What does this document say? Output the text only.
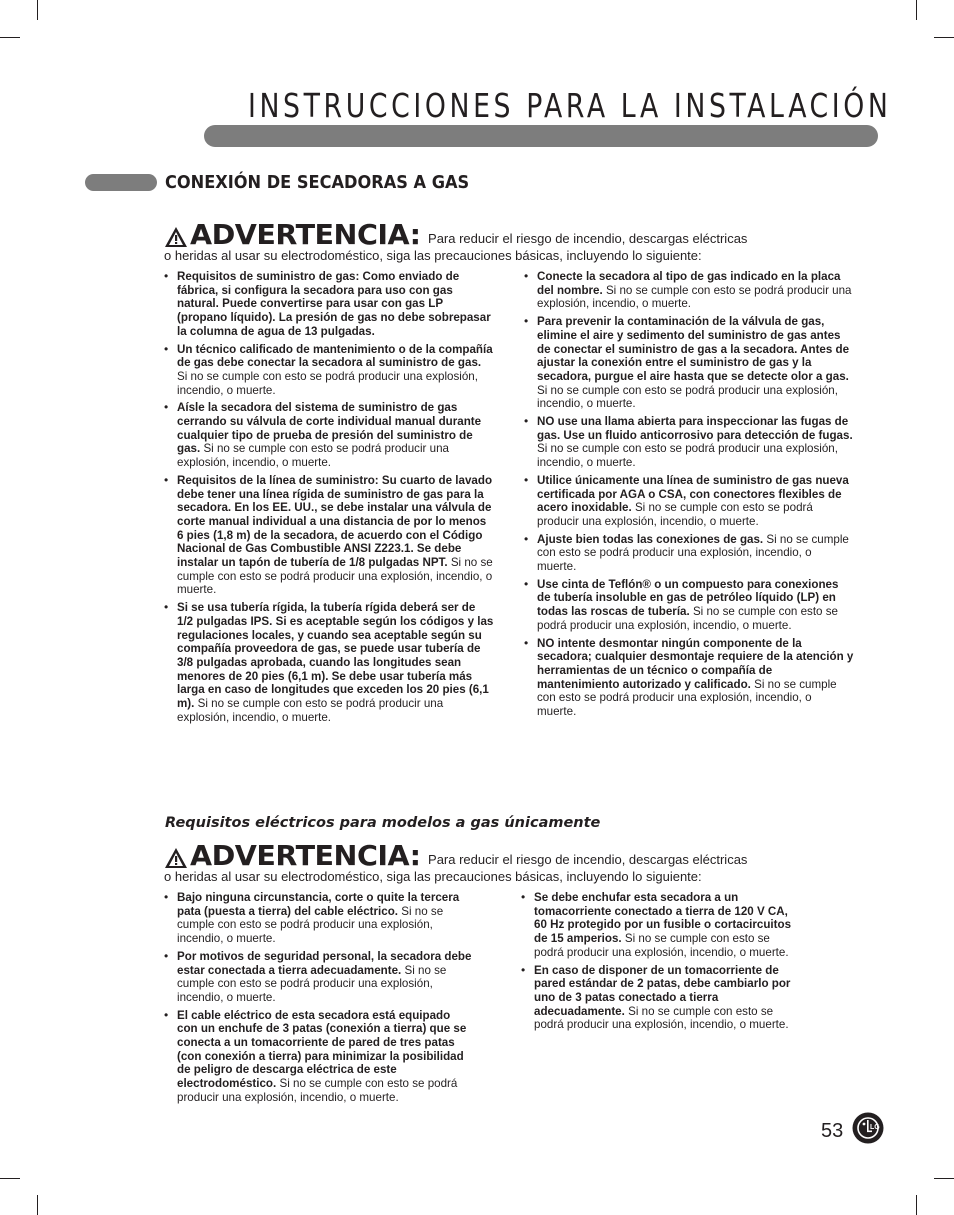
INSTRUCCIONES PARA LA INSTALACIÓN
CONEXIÓN DE SECADORAS A GAS
ADVERTENCIA: Para reducir el riesgo de incendio, descargas eléctricas
o heridas al usar su electrodoméstico, siga las precauciones básicas, incluyendo lo siguiente:
• Requisitos de suministro de gas: Como enviado de fábrica, si configura la secadora para uso con gas natural. Puede convertirse para usar con gas LP (propano líquido). La presión de gas no debe sobrepasar la columna de agua de 13 pulgadas.
• Un técnico calificado de mantenimiento o de la compañía de gas debe conectar la secadora al suministro de gas. Si no se cumple con esto se podrá producir una explosión, incendio, o muerte.
• Aísle la secadora del sistema de suministro de gas cerrando su válvula de corte individual manual durante cualquier tipo de prueba de presión del suministro de gas. Si no se cumple con esto se podrá producir una explosión, incendio, o muerte.
• Requisitos de la línea de suministro: Su cuarto de lavado debe tener una línea rígida de suministro de gas para la secadora. En los EE. UU., se debe instalar una válvula de corte manual individual a una distancia de por lo menos 6 pies (1,8 m) de la secadora, de acuerdo con el Código Nacional de Gas Combustible ANSI Z223.1. Se debe instalar un tapón de tubería de 1/8 pulgadas NPT. Si no se cumple con esto se podrá producir una explosión, incendio, o muerte.
• Si se usa tubería rígida, la tubería rígida deberá ser de 1/2 pulgadas IPS. Si es aceptable según los códigos y las regulaciones locales, y cuando sea aceptable según su compañía proveedora de gas, se puede usar tubería de 3/8 pulgadas aprobada, cuando las longitudes sean menores de 20 pies (6,1 m). Se debe usar tubería más larga en caso de longitudes que exceden los 20 pies (6,1 m). Si no se cumple con esto se podrá producir una explosión, incendio, o muerte.
• Conecte la secadora al tipo de gas indicado en la placa del nombre. Si no se cumple con esto se podrá producir una explosión, incendio, o muerte.
• Para prevenir la contaminación de la válvula de gas, elimine el aire y sedimento del suministro de gas antes de conectar el suministro de gas a la secadora. Antes de ajustar la conexión entre el suministro de gas y la secadora, purgue el aire hasta que se detecte olor a gas. Si no se cumple con esto se podrá producir una explosión, incendio, o muerte.
• NO use una llama abierta para inspeccionar las fugas de gas. Use un fluido anticorrosivo para detección de fugas. Si no se cumple con esto se podrá producir una explosión, incendio, o muerte.
• Utilice únicamente una línea de suministro de gas nueva certificada por AGA o CSA, con conectores flexibles de acero inoxidable. Si no se cumple con esto se podrá producir una explosión, incendio, o muerte.
• Ajuste bien todas las conexiones de gas. Si no se cumple con esto se podrá producir una explosión, incendio, o muerte.
• Use cinta de Teflón® o un compuesto para conexiones de tubería insoluble en gas de petróleo líquido (LP) en todas las roscas de tubería. Si no se cumple con esto se podrá producir una explosión, incendio, o muerte.
• NO intente desmontar ningún componente de la secadora; cualquier desmontaje requiere de la atención y herramientas de un técnico o compañía de mantenimiento autorizado y calificado. Si no se cumple con esto se podrá producir una explosión, incendio, o muerte.
Requisitos eléctricos para modelos a gas únicamente
ADVERTENCIA: Para reducir el riesgo de incendio, descargas eléctricas
o heridas al usar su electrodoméstico, siga las precauciones básicas, incluyendo lo siguiente:
• Bajo ninguna circunstancia, corte o quite la tercera pata (puesta a tierra) del cable eléctrico. Si no se cumple con esto se podrá producir una explosión, incendio, o muerte.
• Por motivos de seguridad personal, la secadora debe estar conectada a tierra adecuadamente. Si no se cumple con esto se podrá producir una explosión, incendio, o muerte.
• El cable eléctrico de esta secadora está equipado con un enchufe de 3 patas (conexión a tierra) que se conecta a un tomacorriente de pared de tres patas (con conexión a tierra) para minimizar la posibilidad de peligro de descarga eléctrica de este electrodoméstico. Si no se cumple con esto se podrá producir una explosión, incendio, o muerte.
• Se debe enchufar esta secadora a un tomacorriente conectado a tierra de 120 V CA, 60 Hz protegido por un fusible o cortacircuitos de 15 amperios. Si no se cumple con esto se podrá producir una explosión, incendio, o muerte.
• En caso de disponer de un tomacorriente de pared estándar de 2 patas, debe cambiarlo por uno de 3 patas conectado a tierra adecuadamente. Si no se cumple con esto se podrá producir una explosión, incendio, o muerte.
53	LG
